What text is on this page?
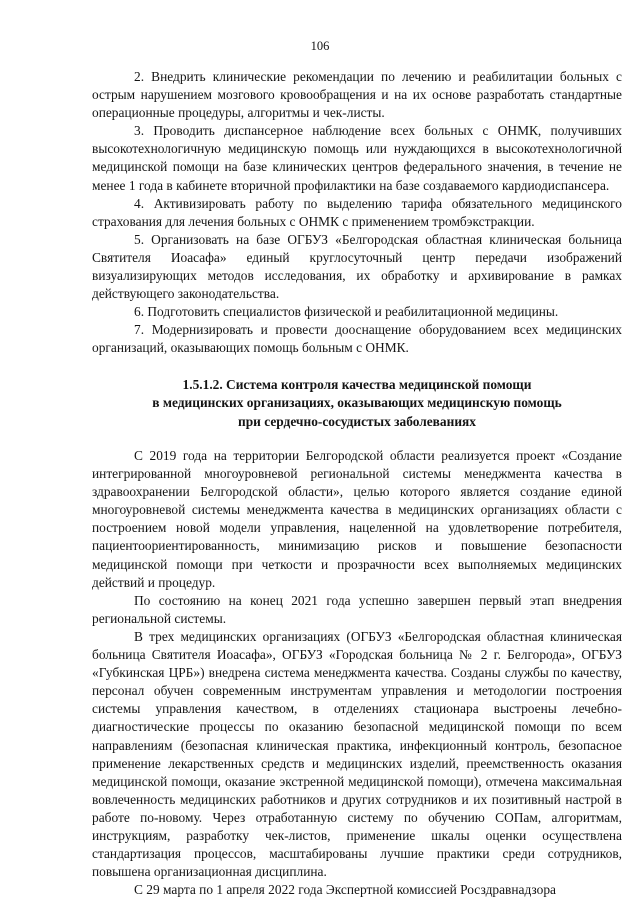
106

2. Внедрить клинические рекомендации по лечению и реабилитации больных с острым нарушением мозгового кровообращения и на их основе разработать стандартные операционные процедуры, алгоритмы и чек-листы.

3. Проводить диспансерное наблюдение всех больных с ОНМК, получивших высокотехнологичную медицинскую помощь или нуждающихся в высокотехнологичной медицинской помощи на базе клинических центров федерального значения, в течение не менее 1 года в кабинете вторичной профилактики на базе создаваемого кардиодиспансера.

4. Активизировать работу по выделению тарифа обязательного медицинского страхования для лечения больных с ОНМК с применением тромбэкстракции.

5. Организовать на базе ОГБУЗ «Белгородская областная клиническая больница Святителя Иоасафа» единый круглосуточный центр передачи изображений визуализирующих методов исследования, их обработку и архивирование в рамках действующего законодательства.

6. Подготовить специалистов физической и реабилитационной медицины.

7. Модернизировать и провести дооснащение оборудованием всех медицинских организаций, оказывающих помощь больным с ОНМК.

1.5.1.2. Система контроля качества медицинской помощи
в медицинских организациях, оказывающих медицинскую помощь
при сердечно-сосудистых заболеваниях

С 2019 года на территории Белгородской области реализуется проект «Создание интегрированной многоуровневой региональной системы менеджмента качества в здравоохранении Белгородской области», целью которого является создание единой многоуровневой системы менеджмента качества в медицинских организациях области с построением новой модели управления, нацеленной на удовлетворение потребителя, пациентоориентированность, минимизацию рисков и повышение безопасности медицинской помощи при четкости и прозрачности всех выполняемых медицинских действий и процедур.

По состоянию на конец 2021 года успешно завершен первый этап внедрения региональной системы.

В трех медицинских организациях (ОГБУЗ «Белгородская областная клиническая больница Святителя Иоасафа», ОГБУЗ «Городская больница № 2 г. Белгорода», ОГБУЗ «Губкинская ЦРБ») внедрена система менеджмента качества. Созданы службы по качеству, персонал обучен современным инструментам управления и методологии построения системы управления качеством, в отделениях стационара выстроены лечебно-диагностические процессы по оказанию безопасной медицинской помощи по всем направлениям (безопасная клиническая практика, инфекционный контроль, безопасное применение лекарственных средств и медицинских изделий, преемственность оказания медицинской помощи, оказание экстренной медицинской помощи), отмечена максимальная вовлеченность медицинских работников и других сотрудников и их позитивный настрой в работе по-новому. Через отработанную систему по обучению СОПам, алгоритмам, инструкциям, разработку чек-листов, применение шкалы оценки осуществлена стандартизация процессов, масштабированы лучшие практики среди сотрудников, повышена организационная дисциплина.

С 29 марта по 1 апреля 2022 года Экспертной комиссией Росздравнадзора
